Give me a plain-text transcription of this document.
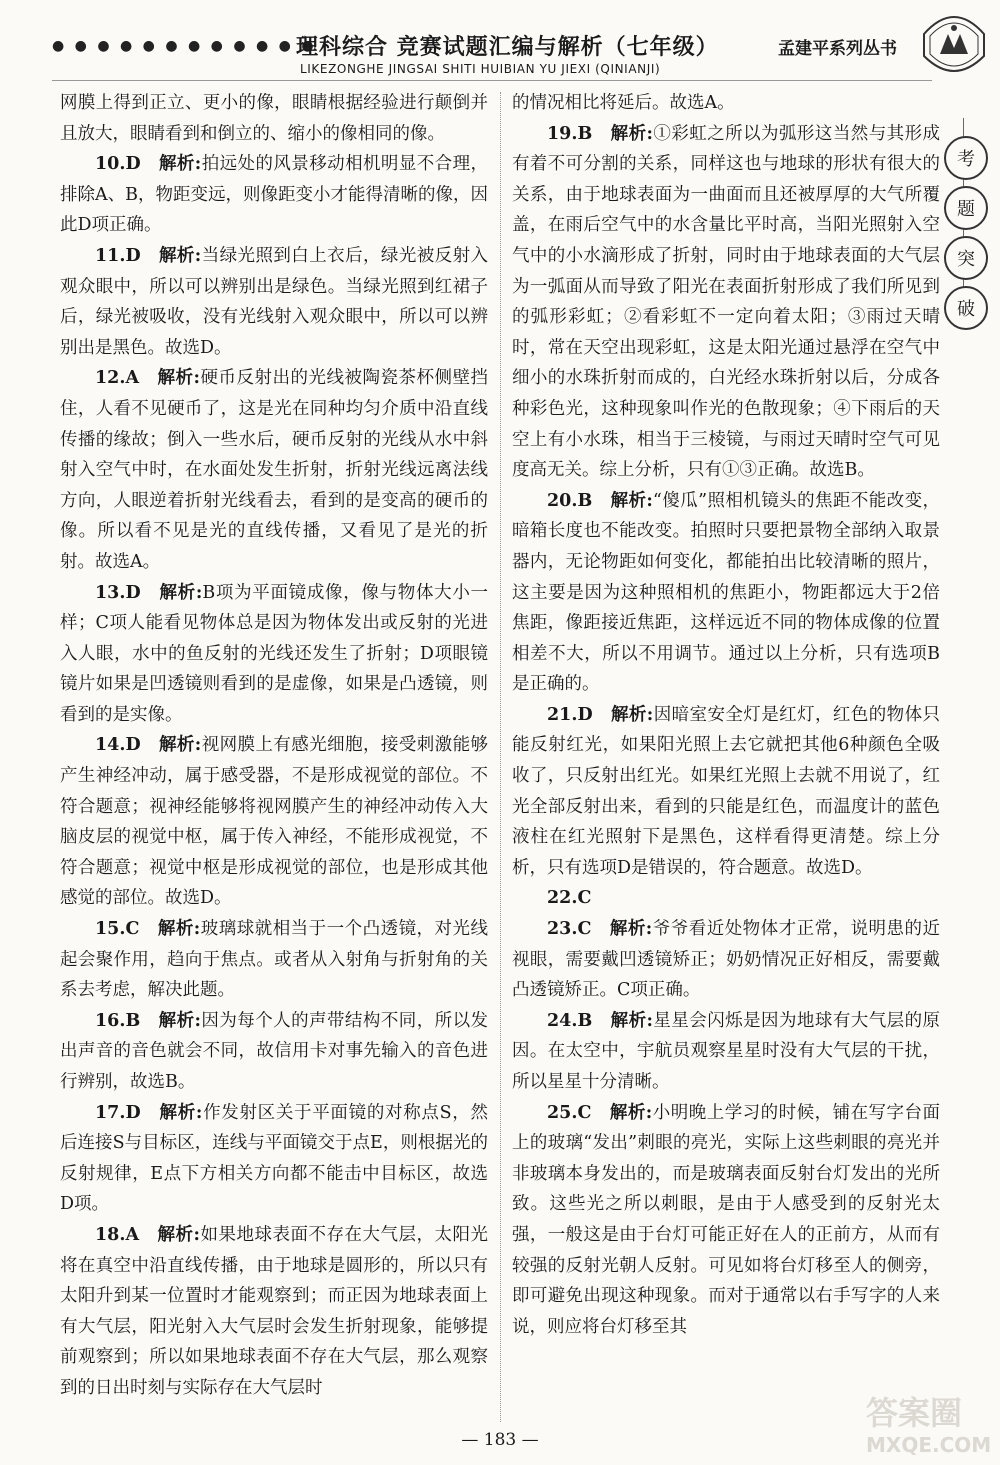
● ● ● ● ● ● ● ● ● ● ● ●
理科综合 竞赛试题汇编与解析（七年级）	孟建平系列丛书
LIKEZONGHE JINGSAI SHITI HUIBIAN YU JIEXI (QINIANJI)
考
题
突
破

网膜上得到正立、更小的像，眼睛根据经验进行颠倒并且放大，眼睛看到和倒立的、缩小的像相同的像。

10.D　 解析:拍远处的风景移动相机明显不合理，排除A、B，物距变远，则像距变小才能得清晰的像，因此D项正确。

11.D　 解析:当绿光照到白上衣后，绿光被反射入观众眼中，所以可以辨别出是绿色。当绿光照到红裙子后，绿光被吸收，没有光线射入观众眼中，所以可以辨别出是黑色。故选D。

12.A　 解析:硬币反射出的光线被陶瓷茶杯侧壁挡住，人看不见硬币了，这是光在同种均匀介质中沿直线传播的缘故；倒入一些水后，硬币反射的光线从水中斜射入空气中时，在水面处发生折射，折射光线远离法线方向，人眼逆着折射光线看去，看到的是变高的硬币的像。所以看不见是光的直线传播，又看见了是光的折射。故选A。

13.D　 解析:B项为平面镜成像，像与物体大小一样；C项人能看见物体总是因为物体发出或反射的光进入人眼，水中的鱼反射的光线还发生了折射；D项眼镜镜片如果是凹透镜则看到的是虚像，如果是凸透镜，则看到的是实像。

14.D　 解析:视网膜上有感光细胞，接受刺激能够产生神经冲动，属于感受器，不是形成视觉的部位。不符合题意；视神经能够将视网膜产生的神经冲动传入大脑皮层的视觉中枢，属于传入神经，不能形成视觉，不符合题意；视觉中枢是形成视觉的部位，也是形成其他感觉的部位。故选D。

15.C　 解析:玻璃球就相当于一个凸透镜，对光线起会聚作用，趋向于焦点。或者从入射角与折射角的关系去考虑，解决此题。

16.B　 解析:因为每个人的声带结构不同，所以发出声音的音色就会不同，故信用卡对事先输入的音色进行辨别，故选B。

17.D　 解析:作发射区关于平面镜的对称点S，然后连接S与目标区，连线与平面镜交于点E，则根据光的反射规律，E点下方相关方向都不能击中目标区，故选D项。

18.A　 解析:如果地球表面不存在大气层，太阳光将在真空中沿直线传播，由于地球是圆形的，所以只有太阳升到某一位置时才能观察到；而正因为地球表面上有大气层，阳光射入大气层时会发生折射现象，能够提前观察到；所以如果地球表面不存在大气层，那么观察到的日出时刻与实际存在大气层时

的情况相比将延后。故选A。

19.B　 解析:①彩虹之所以为弧形这当然与其形成有着不可分割的关系，同样这也与地球的形状有很大的关系，由于地球表面为一曲面而且还被厚厚的大气所覆盖，在雨后空气中的水含量比平时高，当阳光照射入空气中的小水滴形成了折射，同时由于地球表面的大气层为一弧面从而导致了阳光在表面折射形成了我们所见到的弧形彩虹；②看彩虹不一定向着太阳；③雨过天晴时，常在天空出现彩虹，这是太阳光通过悬浮在空气中细小的水珠折射而成的，白光经水珠折射以后，分成各种彩色光，这种现象叫作光的色散现象；④下雨后的天空上有小水珠，相当于三棱镜，与雨过天晴时空气可见度高无关。综上分析，只有①③正确。故选B。

20.B　 解析:“傻瓜”照相机镜头的焦距不能改变，暗箱长度也不能改变。拍照时只要把景物全部纳入取景器内，无论物距如何变化，都能拍出比较清晰的照片，这主要是因为这种照相机的焦距小，物距都远大于2倍焦距，像距接近焦距，这样远近不同的物体成像的位置相差不大，所以不用调节。通过以上分析，只有选项B是正确的。

21.D　 解析:因暗室安全灯是红灯，红色的物体只能反射红光，如果阳光照上去它就把其他6种颜色全吸收了，只反射出红光。如果红光照上去就不用说了，红光全部反射出来，看到的只能是红色，而温度计的蓝色液柱在红光照射下是黑色，这样看得更清楚。综上分析，只有选项D是错误的，符合题意。故选D。

22.C

23.C　 解析:爷爷看近处物体才正常，说明患的近视眼，需要戴凹透镜矫正；奶奶情况正好相反，需要戴凸透镜矫正。C项正确。

24.B　 解析:星星会闪烁是因为地球有大气层的原因。在太空中，宇航员观察星星时没有大气层的干扰，所以星星十分清晰。

25.C　 解析:小明晚上学习的时候，铺在写字台面上的玻璃“发出”刺眼的亮光，实际上这些刺眼的亮光并非玻璃本身发出的，而是玻璃表面反射台灯发出的光所致。这些光之所以刺眼，是由于人感受到的反射光太强，一般这是由于台灯可能正好在人的正前方，从而有较强的反射光朝人反射。可见如将台灯移至人的侧旁，即可避免出现这种现象。而对于通常以右手写字的人来说，则应将台灯移至其

— 183 —
答案圈
MXQE.COM
